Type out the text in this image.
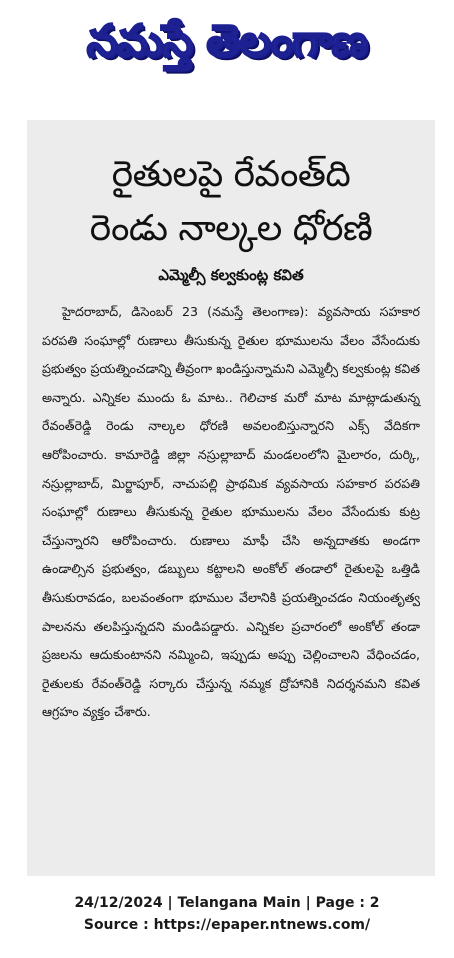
నమస్తే తెలంగాణ
రైతులపై రేవంత్‌ది
రెండు నాల్కల ధోరణి
ఎమ్మెల్సీ కల్వకుంట్ల కవిత

హైదరాబాద్, డిసెంబర్ 23 (నమస్తే తెలంగాణ): వ్యవసాయ సహకార పరపతి సంఘాల్లో రుణాలు తీసుకున్న రైతుల భూములను వేలం వేసేందుకు ప్రభుత్వం ప్రయత్నించడాన్ని తీవ్రంగా ఖండిస్తున్నామని ఎమ్మెల్సీ కల్వకుంట్ల కవిత అన్నారు. ఎన్నికల ముందు ఓ మాట.. గెలిచాక మరో మాట మాట్లాడుతున్న రేవంత్‌రెడ్డి రెండు నాల్కల ధోరణి అవలంబిస్తున్నారని ఎక్స్ వేదికగా ఆరోపించారు. కామారెడ్డి జిల్లా నస్రుల్లాబాద్ మండలంలోని మైలారం, దుర్కి, నస్రుల్లాబాద్, మిర్జాపూర్, నాచుపల్లి ప్రాథమిక వ్యవసాయ సహకార పరపతి సంఘాల్లో రుణాలు తీసుకున్న రైతుల భూములను వేలం వేసేందుకు కుట్ర చేస్తున్నారని ఆరోపించారు. రుణాలు మాఫీ చేసి అన్నదాతకు అండగా ఉండాల్సిన ప్రభుత్వం, డబ్బులు కట్టాలని అంకోల్ తండాలో రైతులపై ఒత్తిడి తీసుకురావడం, బలవంతంగా భూముల వేలానికి ప్రయత్నించడం నియంతృత్వ పాలనను తలపిస్తున్నదని మండిపడ్డారు. ఎన్నికల ప్రచారంలో అంకోల్ తండా ప్రజలను ఆదుకుంటానని నమ్మించి, ఇప్పుడు అప్పు చెల్లించాలని వేధించడం, రైతులకు రేవంత్‌రెడ్డి సర్కారు చేస్తున్న నమ్మక ద్రోహానికి నిదర్శనమని కవిత ఆగ్రహం వ్యక్తం చేశారు.

24/12/2024 | Telangana Main | Page : 2
Source : https://epaper.ntnews.com/
